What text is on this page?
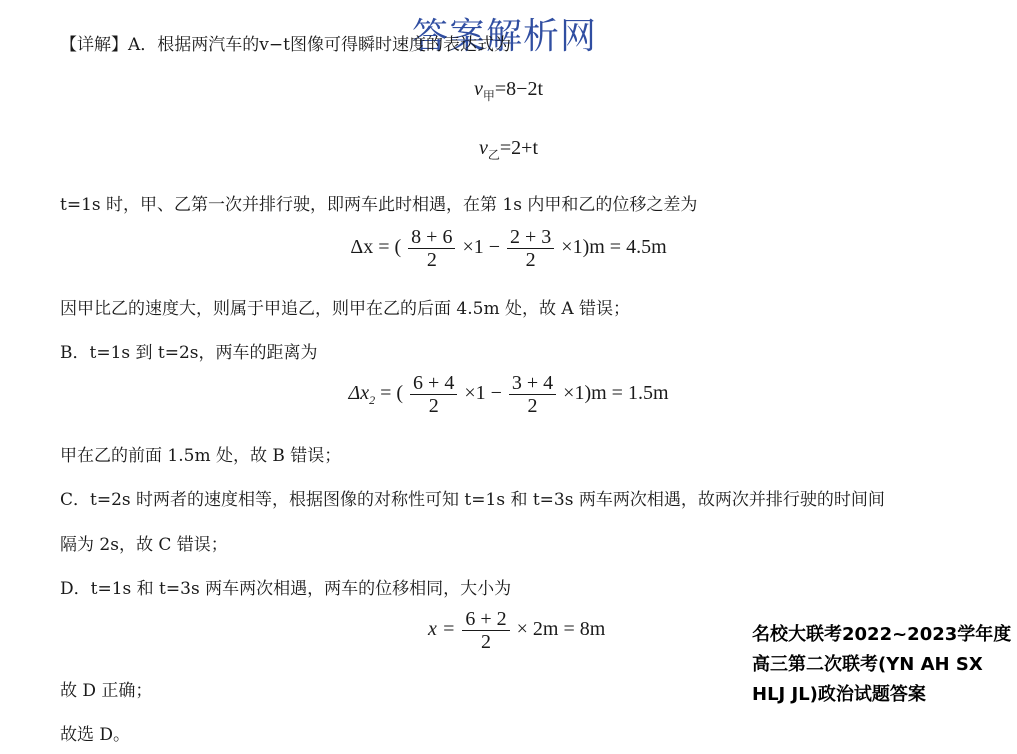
答案解析网
【详解】A．根据两汽车的v−t图像可得瞬时速度的表达式为
$v_甲=8-2t$
$v_乙=2+t$
t=1s 时，甲、乙第一次并排行驶，即两车此时相遇，在第 1s 内甲和乙的位移之差为
Δx = ( $\frac{8 + 6}{2} \times 1 - \frac{2 + 3}{2} \times 1)m = 4.5m$
因甲比乙的速度大，则属于甲追乙，则甲在乙的后面 4.5m 处，故 A 错误；
B．t=1s 到 t=2s，两车的距离为
$\Delta x_2$ = ( $\frac{6 + 4}{2} \times 1 - \frac{3 + 4}{2} \times 1)m = 1.5m$
甲在乙的前面 1.5m 处，故 B 错误；
C．t=2s 时两者的速度相等，根据图像的对称性可知 t=1s 和 t=3s 两车两次相遇，故两次并排行驶的时间间
隔为 2s，故 C 错误；
D．t=1s 和 t=3s 两车两次相遇，两车的位移相同，大小为
$x = \frac{6 + 2}{2} \times 2m = 8m$
故 D 正确；
故选 D。
名校大联考2022~2023学年度高三第二次联考(YN AH SX HLJ JL)政治试题答案
